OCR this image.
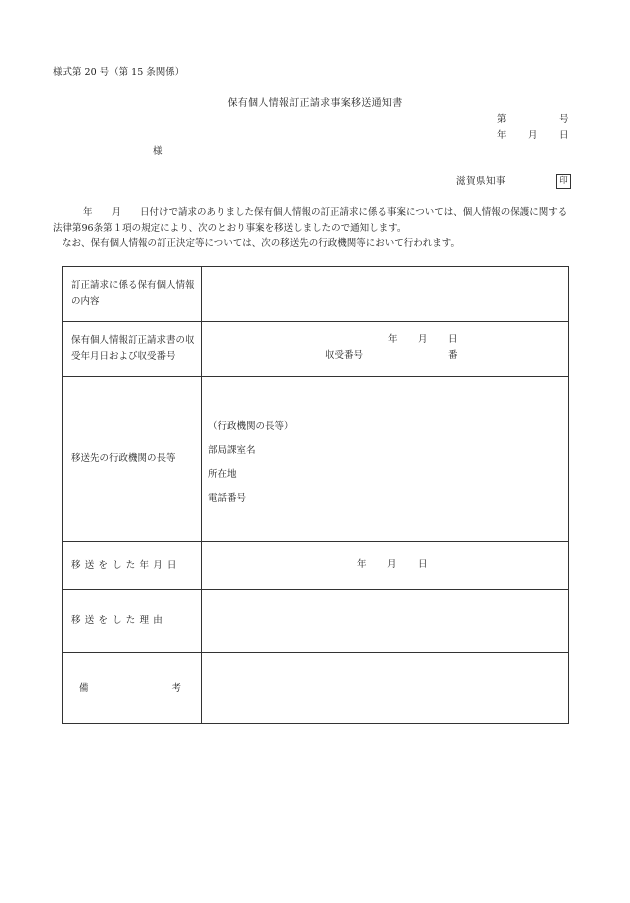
様式第 20 号（第 15 条関係）
保有個人情報訂正請求事案移送通知書
第	号
年 月 日
様
滋賀県知事	印

年　　月　　日付けで請求のありました保有個人情報の訂正請求に係る事案については、個人情報の保護に関する法律第96条第１項の規定により、次のとおり事案を移送しましたので通知します。

なお、保有個人情報の訂正決定等については、次の移送先の行政機関等において行われます。

訂正請求に係る保有個人情報の内容	
保有個人情報訂正請求書の収受年月日および収受番号	年 月 日
収受番号 番

移送先の行政機関の長等	（行政機関の長等）
部局課室名
所在地
電話番号

移送をした年月日	年 月 日

移送をした理由	

備 考	
